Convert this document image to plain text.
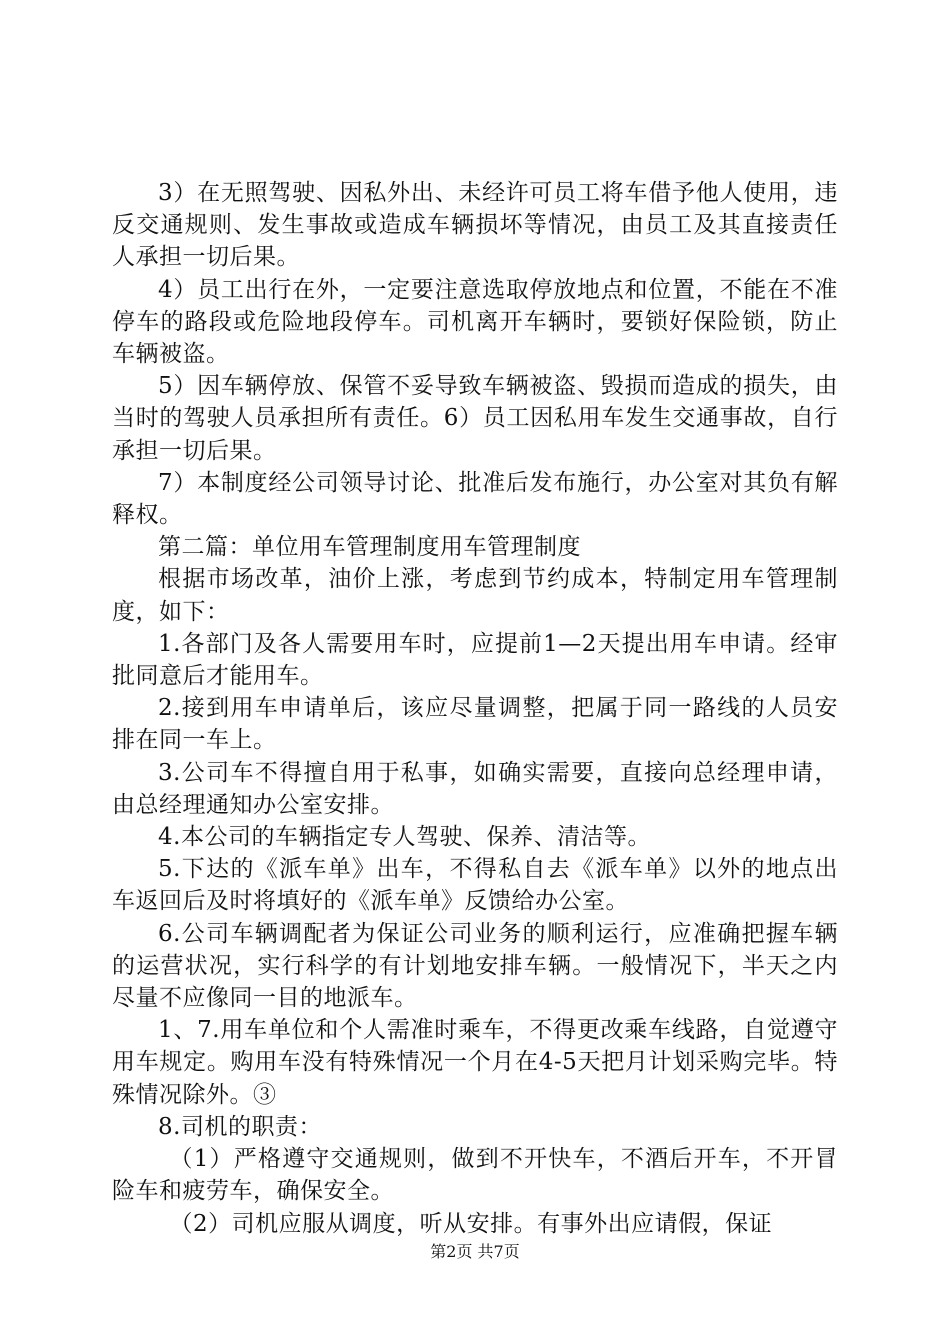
3）在无照驾驶、因私外出、未经许可员工将车借予他人使用，违反交通规则、发生事故或造成车辆损坏等情况，由员工及其直接责任人承担一切后果。

4）员工出行在外，一定要注意选取停放地点和位置，不能在不准停车的路段或危险地段停车。司机离开车辆时，要锁好保险锁，防止车辆被盗。

5）因车辆停放、保管不妥导致车辆被盗、毁损而造成的损失，由当时的驾驶人员承担所有责任。6）员工因私用车发生交通事故，自行承担一切后果。

7）本制度经公司领导讨论、批准后发布施行，办公室对其负有解释权。

第二篇：单位用车管理制度用车管理制度

根据市场改革，油价上涨，考虑到节约成本，特制定用车管理制度，如下：

1.各部门及各人需要用车时，应提前1—2天提出用车申请。经审批同意后才能用车。

2.接到用车申请单后，该应尽量调整，把属于同一路线的人员安排在同一车上。

3.公司车不得擅自用于私事，如确实需要，直接向总经理申请，由总经理通知办公室安排。

4.本公司的车辆指定专人驾驶、保养、清洁等。

5.下达的《派车单》出车，不得私自去《派车单》以外的地点出车返回后及时将填好的《派车单》反馈给办公室。

6.公司车辆调配者为保证公司业务的顺利运行，应准确把握车辆的运营状况，实行科学的有计划地安排车辆。一般情况下，半天之内尽量不应像同一目的地派车。

1、7.用车单位和个人需准时乘车，不得更改乘车线路，自觉遵守用车规定。购用车没有特殊情况一个月在4-5天把月计划采购完毕。特殊情况除外。③

8.司机的职责：

（1）严格遵守交通规则，做到不开快车，不酒后开车，不开冒险车和疲劳车，确保安全。

（2）司机应服从调度，听从安排。有事外出应请假，保证

第2页 共7页
